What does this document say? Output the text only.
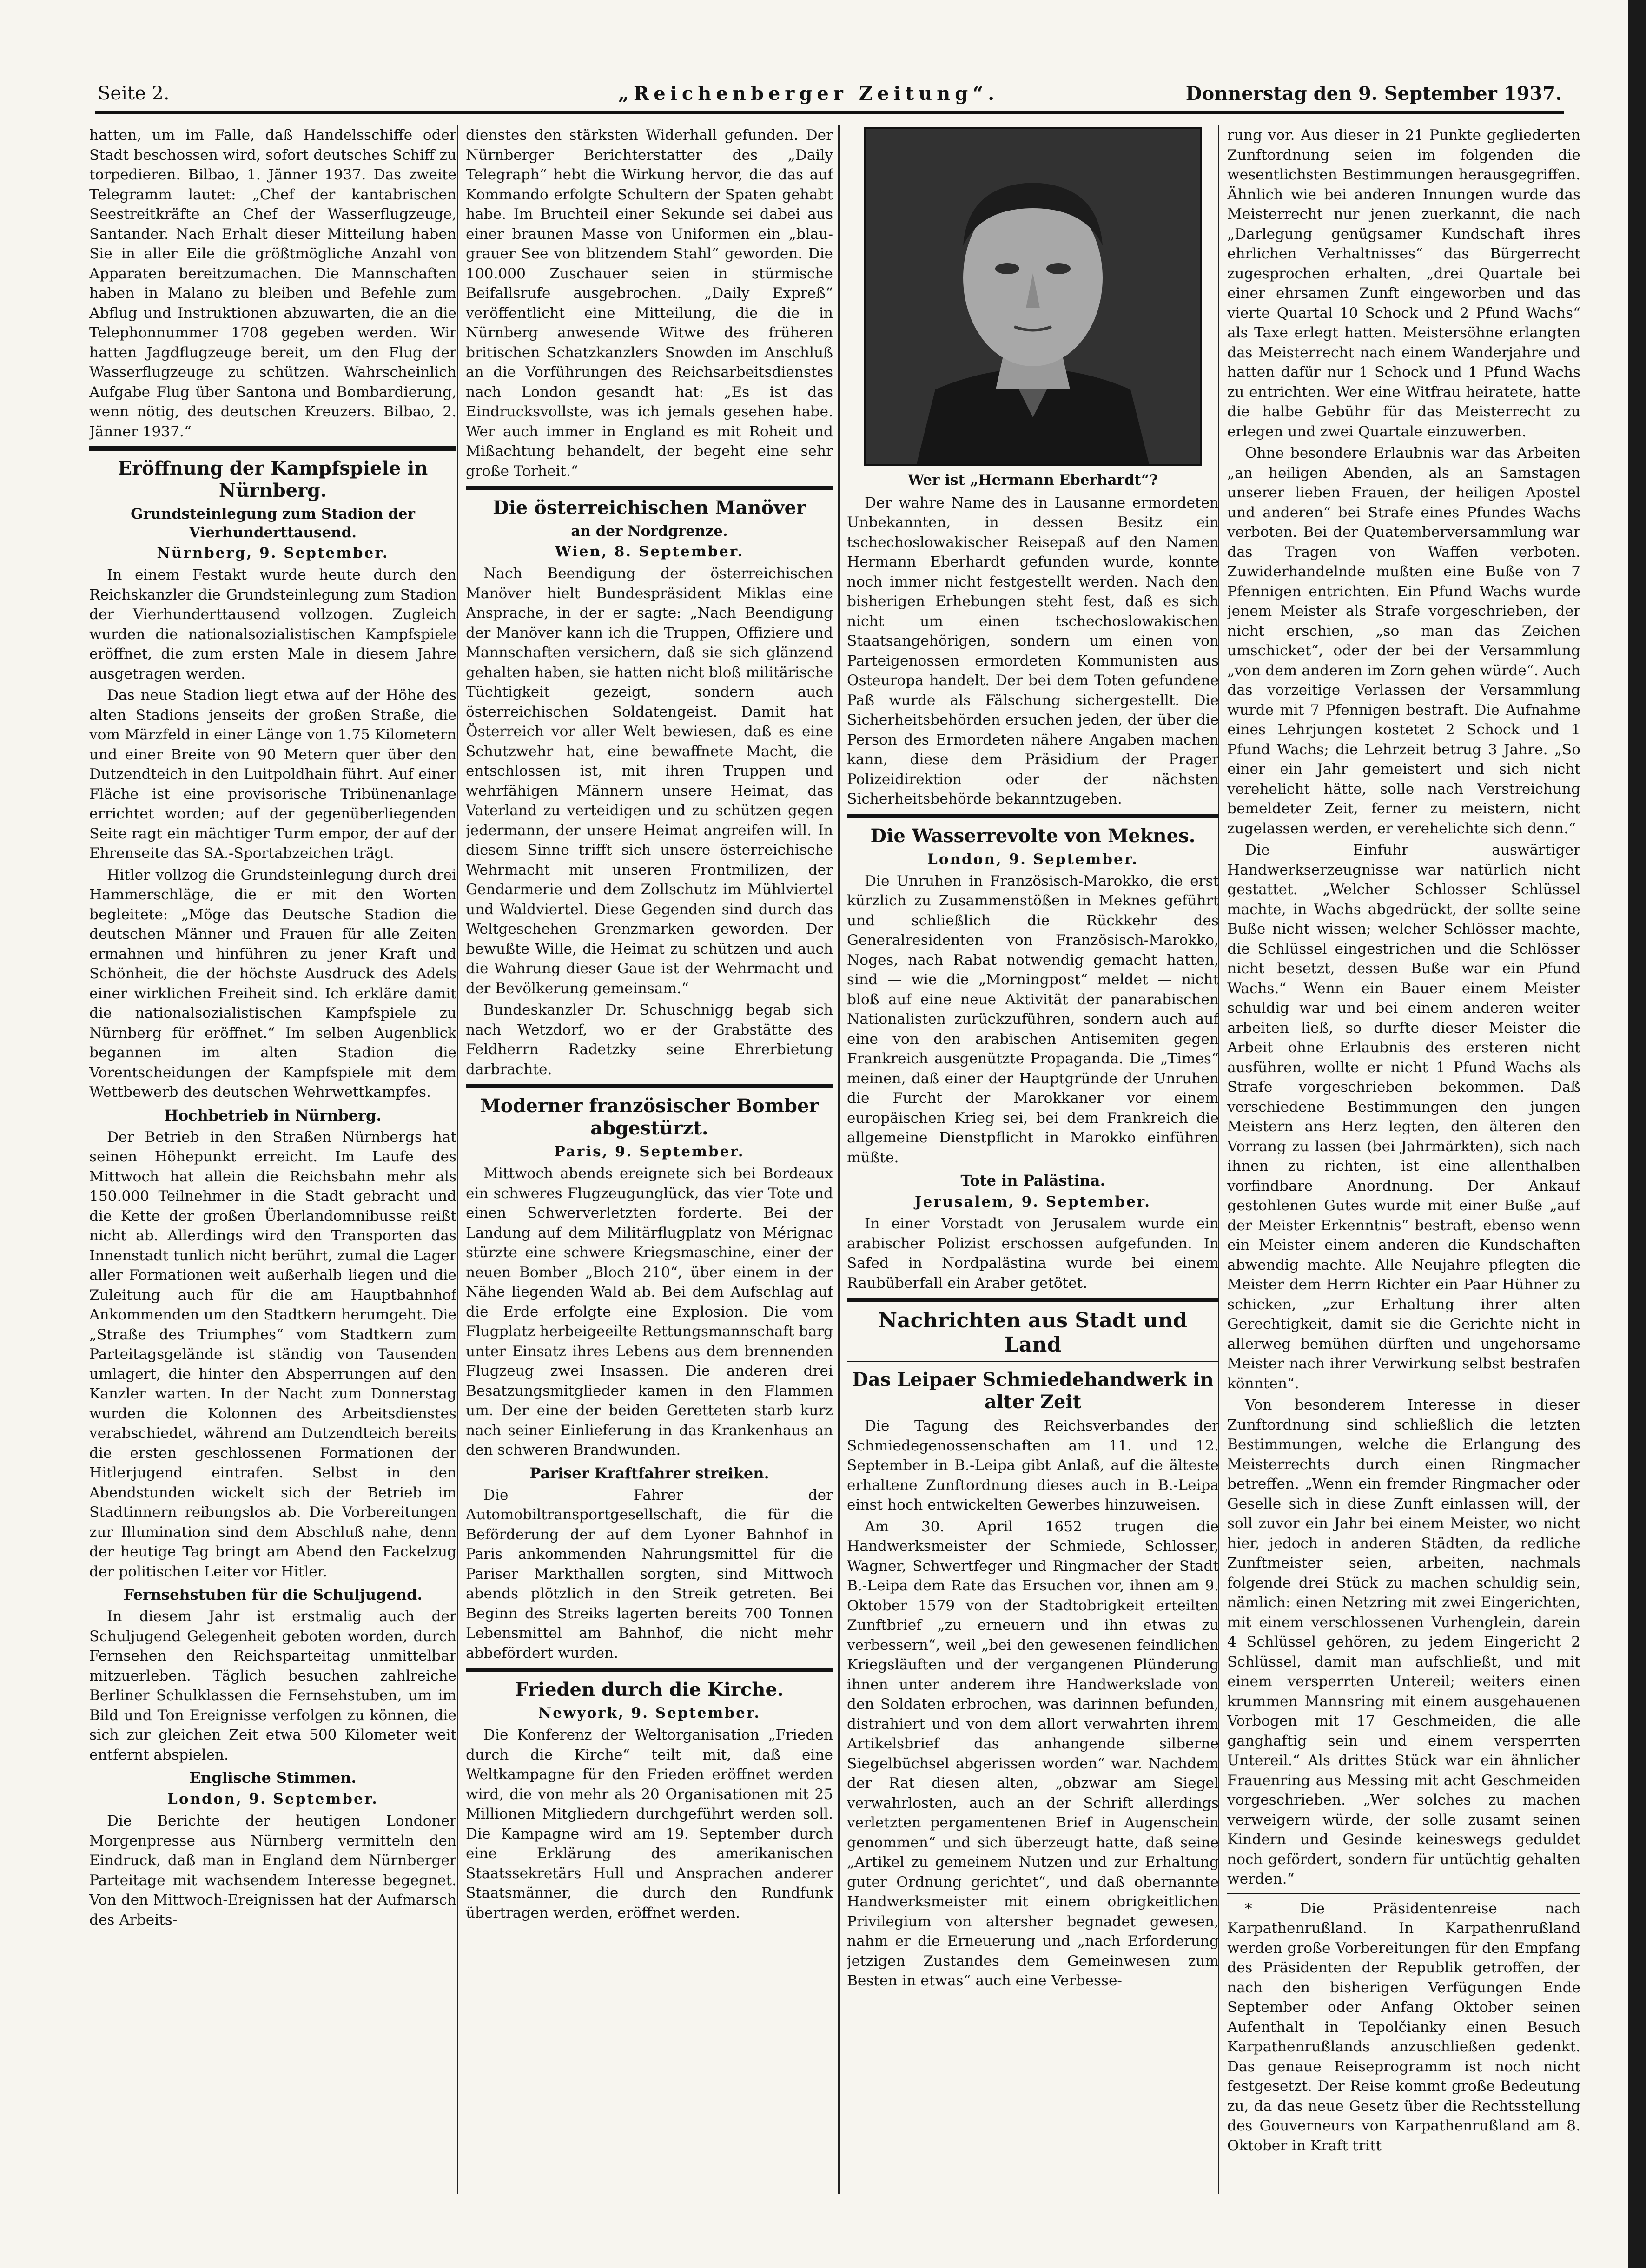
Seite 2.	„Reichenberger Zeitung“.	Donnerstag den 9. September 1937.

hatten, um im Falle, daß Handelsschiffe oder Stadt beschossen wird, sofort deutsches Schiff zu torpedieren. Bilbao, 1. Jänner 1937. Das zweite Telegramm lautet: „Chef der kantabrischen Seestreitkräfte an Chef der Wasserflugzeuge, Santander. Nach Erhalt dieser Mitteilung haben Sie in aller Eile die größtmögliche Anzahl von Apparaten bereitzumachen. Die Mannschaften haben in Malano zu bleiben und Befehle zum Abflug und Instruktionen abzuwarten, die an die Telephonnummer 1708 gegeben werden. Wir hatten Jagdflugzeuge bereit, um den Flug der Wasserflugzeuge zu schützen. Wahrscheinlich Aufgabe Flug über Santona und Bombardierung, wenn nötig, des deutschen Kreuzers. Bilbao, 2. Jänner 1937.“

Eröffnung der Kampfspiele in Nürnberg.
Grundsteinlegung zum Stadion der Vierhunderttausend.
Nürnberg, 9. September.

In einem Festakt wurde heute durch den Reichskanzler die Grundsteinlegung zum Stadion der Vierhunderttausend vollzogen. Zugleich wurden die nationalsozialistischen Kampfspiele eröffnet, die zum ersten Male in diesem Jahre ausgetragen werden.

Das neue Stadion liegt etwa auf der Höhe des alten Stadions jenseits der großen Straße, die vom Märzfeld in einer Länge von 1.75 Kilometern und einer Breite von 90 Metern quer über den Dutzendteich in den Luitpoldhain führt. Auf einer Fläche ist eine provisorische Tribünenanlage errichtet worden; auf der gegenüberliegenden Seite ragt ein mächtiger Turm empor, der auf der Ehrenseite das SA.-Sportabzeichen trägt.

Hitler vollzog die Grundsteinlegung durch drei Hammerschläge, die er mit den Worten begleitete: „Möge das Deutsche Stadion die deutschen Männer und Frauen für alle Zeiten ermahnen und hinführen zu jener Kraft und Schönheit, die der höchste Ausdruck des Adels einer wirklichen Freiheit sind. Ich erkläre damit die nationalsozialistischen Kampfspiele zu Nürnberg für eröffnet.“ Im selben Augenblick begannen im alten Stadion die Vorentscheidungen der Kampfspiele mit dem Wettbewerb des deutschen Wehrwettkampfes.

Hochbetrieb in Nürnberg.

Der Betrieb in den Straßen Nürnbergs hat seinen Höhepunkt erreicht. Im Laufe des Mittwoch hat allein die Reichsbahn mehr als 150.000 Teilnehmer in die Stadt gebracht und die Kette der großen Überlandomnibusse reißt nicht ab. Allerdings wird den Transporten das Innenstadt tunlich nicht berührt, zumal die Lager aller Formationen weit außerhalb liegen und die Zuleitung auch für die am Hauptbahnhof Ankommenden um den Stadtkern herumgeht. Die „Straße des Triumphes“ vom Stadtkern zum Parteitagsgelände ist ständig von Tausenden umlagert, die hinter den Absperrungen auf den Kanzler warten. In der Nacht zum Donnerstag wurden die Kolonnen des Arbeitsdienstes verabschiedet, während am Dutzendteich bereits die ersten geschlossenen Formationen der Hitlerjugend eintrafen. Selbst in den Abendstunden wickelt sich der Betrieb im Stadtinnern reibungslos ab. Die Vorbereitungen zur Illumination sind dem Abschluß nahe, denn der heutige Tag bringt am Abend den Fackelzug der politischen Leiter vor Hitler.

Fernsehstuben für die Schuljugend.

In diesem Jahr ist erstmalig auch der Schuljugend Gelegenheit geboten worden, durch Fernsehen den Reichsparteitag unmittelbar mitzuerleben. Täglich besuchen zahlreiche Berliner Schulklassen die Fernsehstuben, um im Bild und Ton Ereignisse verfolgen zu können, die sich zur gleichen Zeit etwa 500 Kilometer weit entfernt abspielen.

Englische Stimmen.
London, 9. September.

Die Berichte der heutigen Londoner Morgenpresse aus Nürnberg vermitteln den Eindruck, daß man in England dem Nürnberger Parteitage mit wachsendem Interesse begegnet. Von den Mittwoch-Ereignissen hat der Aufmarsch des Arbeits-

dienstes den stärksten Widerhall gefunden. Der Nürnberger Berichterstatter des „Daily Telegraph“ hebt die Wirkung hervor, die das auf Kommando erfolgte Schultern der Spaten gehabt habe. Im Bruchteil einer Sekunde sei dabei aus einer braunen Masse von Uniformen ein „blau-grauer See von blitzendem Stahl“ geworden. Die 100.000 Zuschauer seien in stürmische Beifallsrufe ausgebrochen. „Daily Expreß“ veröffentlicht eine Mitteilung, die die in Nürnberg anwesende Witwe des früheren britischen Schatzkanzlers Snowden im Anschluß an die Vorführungen des Reichsarbeitsdienstes nach London gesandt hat: „Es ist das Eindrucksvollste, was ich jemals gesehen habe. Wer auch immer in England es mit Roheit und Mißachtung behandelt, der begeht eine sehr große Torheit.“

Die österreichischen Manöver
an der Nordgrenze.
Wien, 8. September.

Nach Beendigung der österreichischen Manöver hielt Bundespräsident Miklas eine Ansprache, in der er sagte: „Nach Beendigung der Manöver kann ich die Truppen, Offiziere und Mannschaften versichern, daß sie sich glänzend gehalten haben, sie hatten nicht bloß militärische Tüchtigkeit gezeigt, sondern auch österreichischen Soldatengeist. Damit hat Österreich vor aller Welt bewiesen, daß es eine Schutzwehr hat, eine bewaffnete Macht, die entschlossen ist, mit ihren Truppen und wehrfähigen Männern unsere Heimat, das Vaterland zu verteidigen und zu schützen gegen jedermann, der unsere Heimat angreifen will. In diesem Sinne trifft sich unsere österreichische Wehrmacht mit unseren Frontmilizen, der Gendarmerie und dem Zollschutz im Mühlviertel und Waldviertel. Diese Gegenden sind durch das Weltgeschehen Grenzmarken geworden. Der bewußte Wille, die Heimat zu schützen und auch die Wahrung dieser Gaue ist der Wehrmacht und der Bevölkerung gemeinsam.“

Bundeskanzler Dr. Schuschnigg begab sich nach Wetzdorf, wo er der Grabstätte des Feldherrn Radetzky seine Ehrerbietung darbrachte.

Moderner französischer Bomber abgestürzt.
Paris, 9. September.

Mittwoch abends ereignete sich bei Bordeaux ein schweres Flugzeugunglück, das vier Tote und einen Schwerverletzten forderte. Bei der Landung auf dem Militärflugplatz von Mérignac stürzte eine schwere Kriegsmaschine, einer der neuen Bomber „Bloch 210“, über einem in der Nähe liegenden Wald ab. Bei dem Aufschlag auf die Erde erfolgte eine Explosion. Die vom Flugplatz herbeigeeilte Rettungsmannschaft barg unter Einsatz ihres Lebens aus dem brennenden Flugzeug zwei Insassen. Die anderen drei Besatzungsmitglieder kamen in den Flammen um. Der eine der beiden Geretteten starb kurz nach seiner Einlieferung in das Krankenhaus an den schweren Brandwunden.

Pariser Kraftfahrer streiken.

Die Fahrer der Automobiltransportgesellschaft, die für die Beförderung der auf dem Lyoner Bahnhof in Paris ankommenden Nahrungsmittel für die Pariser Markthallen sorgten, sind Mittwoch abends plötzlich in den Streik getreten. Bei Beginn des Streiks lagerten bereits 700 Tonnen Lebensmittel am Bahnhof, die nicht mehr abbefördert wurden.

Frieden durch die Kirche.
Newyork, 9. September.

Die Konferenz der Weltorganisation „Frieden durch die Kirche“ teilt mit, daß eine Weltkampagne für den Frieden eröffnet werden wird, die von mehr als 20 Organisationen mit 25 Millionen Mitgliedern durchgeführt werden soll. Die Kampagne wird am 19. September durch eine Erklärung des amerikanischen Staatssekretärs Hull und Ansprachen anderer Staatsmänner, die durch den Rundfunk übertragen werden, eröffnet werden.

Wer ist „Hermann Eberhardt“?

Der wahre Name des in Lausanne ermordeten Unbekannten, in dessen Besitz ein tschechoslowakischer Reisepaß auf den Namen Hermann Eberhardt gefunden wurde, konnte noch immer nicht festgestellt werden. Nach den bisherigen Erhebungen steht fest, daß es sich nicht um einen tschechoslowakischen Staatsangehörigen, sondern um einen von Parteigenossen ermordeten Kommunisten aus Osteuropa handelt. Der bei dem Toten gefundene Paß wurde als Fälschung sichergestellt. Die Sicherheitsbehörden ersuchen jeden, der über die Person des Ermordeten nähere Angaben machen kann, diese dem Präsidium der Prager Polizeidirektion oder der nächsten Sicherheitsbehörde bekanntzugeben.

Die Wasserrevolte von Meknes.
London, 9. September.

Die Unruhen in Französisch-Marokko, die erst kürzlich zu Zusammenstößen in Meknes geführt und schließlich die Rückkehr des Generalresidenten von Französisch-Marokko, Noges, nach Rabat notwendig gemacht hatten, sind — wie die „Morningpost“ meldet — nicht bloß auf eine neue Aktivität der panarabischen Nationalisten zurückzuführen, sondern auch auf eine von den arabischen Antisemiten gegen Frankreich ausgenützte Propaganda. Die „Times“ meinen, daß einer der Hauptgründe der Unruhen die Furcht der Marokkaner vor einem europäischen Krieg sei, bei dem Frankreich die allgemeine Dienstpflicht in Marokko einführen müßte.

Tote in Palästina.
Jerusalem, 9. September.

In einer Vorstadt von Jerusalem wurde ein arabischer Polizist erschossen aufgefunden. In Safed in Nordpalästina wurde bei einem Raubüberfall ein Araber getötet.

Nachrichten aus Stadt und Land
Das Leipaer Schmiedehandwerk in alter Zeit

Die Tagung des Reichsverbandes der Schmiedegenossenschaften am 11. und 12. September in B.-Leipa gibt Anlaß, auf die älteste erhaltene Zunftordnung dieses auch in B.-Leipa einst hoch entwickelten Gewerbes hinzuweisen.

Am 30. April 1652 trugen die Handwerksmeister der Schmiede, Schlosser, Wagner, Schwertfeger und Ringmacher der Stadt B.-Leipa dem Rate das Ersuchen vor, ihnen am 9. Oktober 1579 von der Stadtobrigkeit erteilten Zunftbrief „zu erneuern und ihn etwas zu verbessern“, weil „bei den gewesenen feindlichen Kriegsläuften und der vergangenen Plünderung ihnen unter anderem ihre Handwerkslade von den Soldaten erbrochen, was darinnen befunden, distrahiert und von dem allort verwahrten ihrem Artikelsbrief das anhangende silberne Siegelbüchsel abgerissen worden“ war. Nachdem der Rat diesen alten, „obzwar am Siegel verwahrlosten, auch an der Schrift allerdings verletzten pergamentenen Brief in Augenschein genommen“ und sich überzeugt hatte, daß seine „Artikel zu gemeinem Nutzen und zur Erhaltung guter Ordnung gerichtet“, und daß obernannte Handwerksmeister mit einem obrigkeitlichen Privilegium von altersher begnadet gewesen, nahm er die Erneuerung und „nach Erforderung jetzigen Zustandes dem Gemeinwesen zum Besten in etwas“ auch eine Verbesse-

rung vor. Aus dieser in 21 Punkte gegliederten Zunftordnung seien im folgenden die wesentlichsten Bestimmungen herausgegriffen. Ähnlich wie bei anderen Innungen wurde das Meisterrecht nur jenen zuerkannt, die nach „Darlegung genügsamer Kundschaft ihres ehrlichen Verhaltnisses“ das Bürgerrecht zugesprochen erhalten, „drei Quartale bei einer ehrsamen Zunft eingeworben und das vierte Quartal 10 Schock und 2 Pfund Wachs“ als Taxe erlegt hatten. Meistersöhne erlangten das Meisterrecht nach einem Wanderjahre und hatten dafür nur 1 Schock und 1 Pfund Wachs zu entrichten. Wer eine Witfrau heiratete, hatte die halbe Gebühr für das Meisterrecht zu erlegen und zwei Quartale einzuwerben.

Ohne besondere Erlaubnis war das Arbeiten „an heiligen Abenden, als an Samstagen unserer lieben Frauen, der heiligen Apostel und anderen“ bei Strafe eines Pfundes Wachs verboten. Bei der Quatemberversammlung war das Tragen von Waffen verboten. Zuwiderhandelnde mußten eine Buße von 7 Pfennigen entrichten. Ein Pfund Wachs wurde jenem Meister als Strafe vorgeschrieben, der nicht erschien, „so man das Zeichen umschicket“, oder der bei der Versammlung „von dem anderen im Zorn gehen würde“. Auch das vorzeitige Verlassen der Versammlung wurde mit 7 Pfennigen bestraft. Die Aufnahme eines Lehrjungen kostetet 2 Schock und 1 Pfund Wachs; die Lehrzeit betrug 3 Jahre. „So einer ein Jahr gemeistert und sich nicht verehelicht hätte, solle nach Verstreichung bemeldeter Zeit, ferner zu meistern, nicht zugelassen werden, er verehelichte sich denn.“

Die Einfuhr auswärtiger Handwerkserzeugnisse war natürlich nicht gestattet. „Welcher Schlosser Schlüssel machte, in Wachs abgedrückt, der sollte seine Buße nicht wissen; welcher Schlösser machte, die Schlüssel eingestrichen und die Schlösser nicht besetzt, dessen Buße war ein Pfund Wachs.“ Wenn ein Bauer einem Meister schuldig war und bei einem anderen weiter arbeiten ließ, so durfte dieser Meister die Arbeit ohne Erlaubnis des ersteren nicht ausführen, wollte er nicht 1 Pfund Wachs als Strafe vorgeschrieben bekommen. Daß verschiedene Bestimmungen den jungen Meistern ans Herz legten, den älteren den Vorrang zu lassen (bei Jahrmärkten), sich nach ihnen zu richten, ist eine allenthalben vorfindbare Anordnung. Der Ankauf gestohlenen Gutes wurde mit einer Buße „auf der Meister Erkenntnis“ bestraft, ebenso wenn ein Meister einem anderen die Kundschaften abwendig machte. Alle Neujahre pflegten die Meister dem Herrn Richter ein Paar Hühner zu schicken, „zur Erhaltung ihrer alten Gerechtigkeit, damit sie die Gerichte nicht in allerweg bemühen dürften und ungehorsame Meister nach ihrer Verwirkung selbst bestrafen könnten“.

Von besonderem Interesse in dieser Zunftordnung sind schließlich die letzten Bestimmungen, welche die Erlangung des Meisterrechts durch einen Ringmacher betreffen. „Wenn ein fremder Ringmacher oder Geselle sich in diese Zunft einlassen will, der soll zuvor ein Jahr bei einem Meister, wo nicht hier, jedoch in anderen Städten, da redliche Zunftmeister seien, arbeiten, nachmals folgende drei Stück zu machen schuldig sein, nämlich: einen Netzring mit zwei Eingerichten, mit einem verschlossenen Vurhenglein, darein 4 Schlüssel gehören, zu jedem Eingericht 2 Schlüssel, damit man aufschließt, und mit einem versperrten Untereil; weiters einen krummen Mannsring mit einem ausgehauenen Vorbogen mit 17 Geschmeiden, die alle ganghaftig sein und einem versperrten Untereil.“ Als drittes Stück war ein ähnlicher Frauenring aus Messing mit acht Geschmeiden vorgeschrieben. „Wer solches zu machen verweigern würde, der solle zusamt seinen Kindern und Gesinde keineswegs geduldet noch gefördert, sondern für untüchtig gehalten werden.“

* Die Präsidentenreise nach Karpathenrußland. In Karpathenrußland werden große Vorbereitungen für den Empfang des Präsidenten der Republik getroffen, der nach den bisherigen Verfügungen Ende September oder Anfang Oktober seinen Aufenthalt in Tepolčianky einen Besuch Karpathenrußlands anzuschließen gedenkt. Das genaue Reiseprogramm ist noch nicht festgesetzt. Der Reise kommt große Bedeutung zu, da das neue Gesetz über die Rechtsstellung des Gouverneurs von Karpathenrußland am 8. Oktober in Kraft tritt
